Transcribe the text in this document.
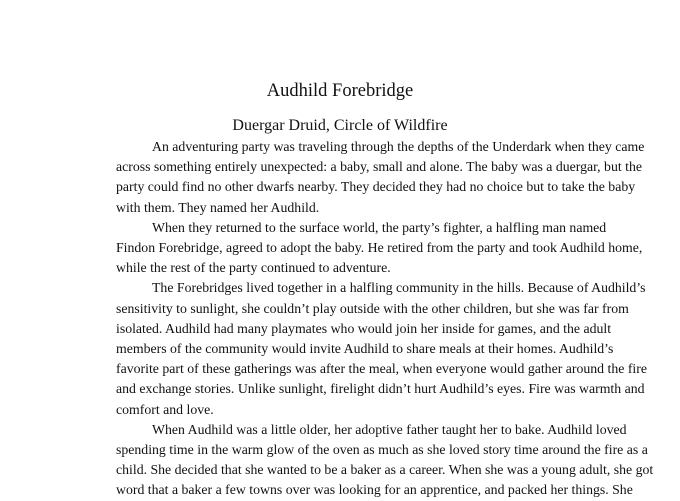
Audhild Forebridge
Duergar Druid, Circle of Wildfire

An adventuring party was traveling through the depths of the Underdark when they came
across something entirely unexpected: a baby, small and alone. The baby was a duergar, but the
party could find no other dwarfs nearby. They decided they had no choice but to take the baby
with them. They named her Audhild.

When they returned to the surface world, the party’s fighter, a halfling man named
Findon Forebridge, agreed to adopt the baby. He retired from the party and took Audhild home,
while the rest of the party continued to adventure.

The Forebridges lived together in a halfling community in the hills. Because of Audhild’s
sensitivity to sunlight, she couldn’t play outside with the other children, but she was far from
isolated. Audhild had many playmates who would join her inside for games, and the adult
members of the community would invite Audhild to share meals at their homes. Audhild’s
favorite part of these gatherings was after the meal, when everyone would gather around the fire
and exchange stories. Unlike sunlight, firelight didn’t hurt Audhild’s eyes. Fire was warmth and
comfort and love.

When Audhild was a little older, her adoptive father taught her to bake. Audhild loved
spending time in the warm glow of the oven as much as she loved story time around the fire as a
child. She decided that she wanted to be a baker as a career. When she was a young adult, she got
word that a baker a few towns over was looking for an apprentice, and packed her things. She
